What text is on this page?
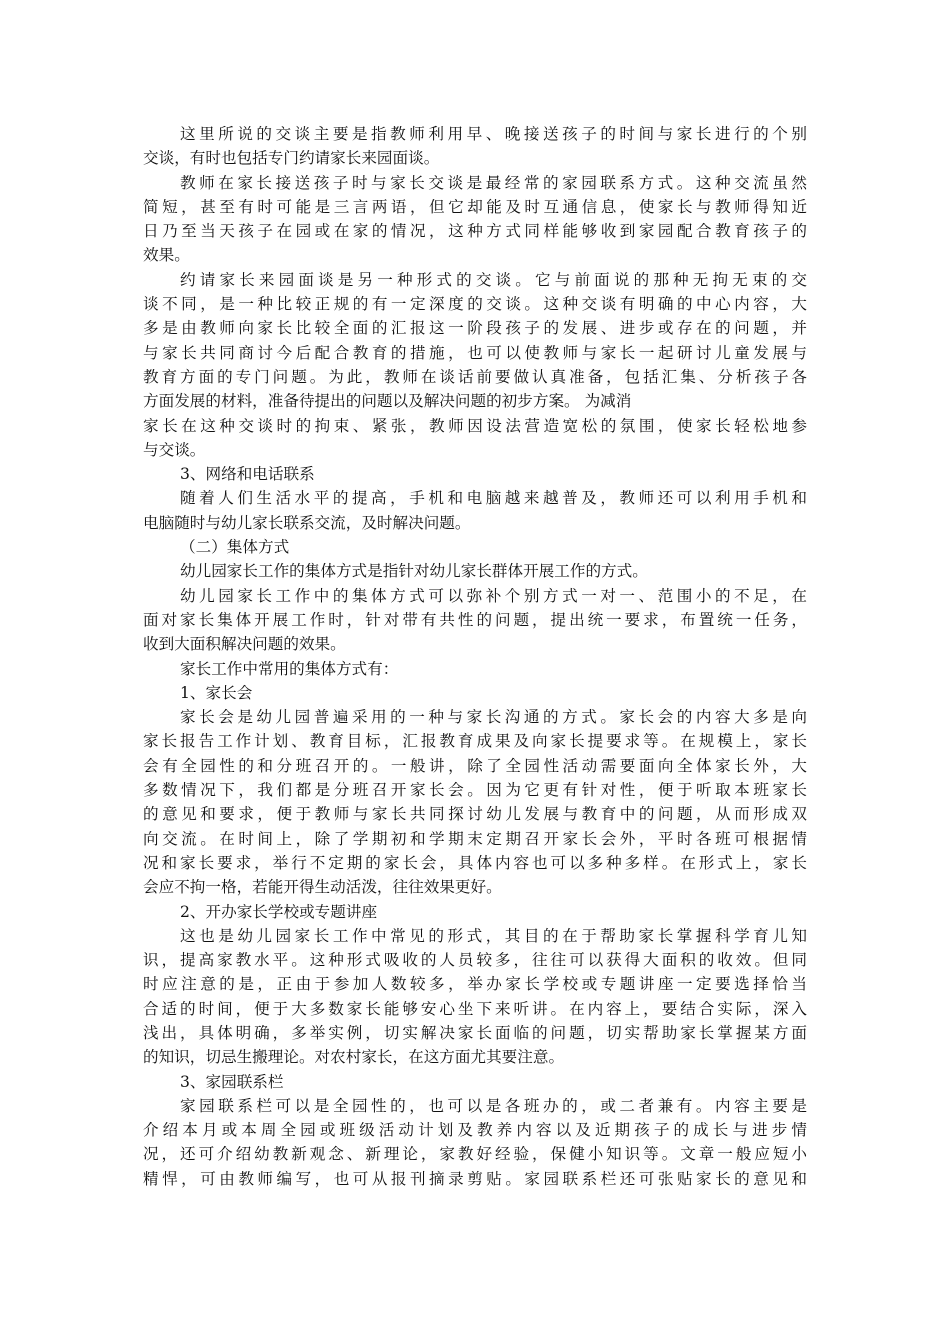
这里所说的交谈主要是指教师利用早、晚接送孩子的时间与家长进行的个别
交谈，有时也包括专门约请家长来园面谈。
教师在家长接送孩子时与家长交谈是最经常的家园联系方式。这种交流虽然
简短，甚至有时可能是三言两语，但它却能及时互通信息，使家长与教师得知近
日乃至当天孩子在园或在家的情况，这种方式同样能够收到家园配合教育孩子的
效果。
约请家长来园面谈是另一种形式的交谈。它与前面说的那种无拘无束的交
谈不同，是一种比较正规的有一定深度的交谈。这种交谈有明确的中心内容，大
多是由教师向家长比较全面的汇报这一阶段孩子的发展、进步或存在的问题，并
与家长共同商讨今后配合教育的措施，也可以使教师与家长一起研讨儿童发展与
教育方面的专门问题。为此，教师在谈话前要做认真准备，包括汇集、分析孩子各
方面发展的材料，准备待提出的问题以及解决问题的初步方案。 为减消
家长在这种交谈时的拘束、紧张，教师因设法营造宽松的氛围，使家长轻松地参
与交谈。
3、网络和电话联系
随着人们生活水平的提高，手机和电脑越来越普及，教师还可以利用手机和
电脑随时与幼儿家长联系交流，及时解决问题。
（二）集体方式
幼儿园家长工作的集体方式是指针对幼儿家长群体开展工作的方式。
幼儿园家长工作中的集体方式可以弥补个别方式一对一、范围小的不足，在
面对家长集体开展工作时，针对带有共性的问题，提出统一要求，布置统一任务，
收到大面积解决问题的效果。
家长工作中常用的集体方式有：
1、家长会
家长会是幼儿园普遍采用的一种与家长沟通的方式。家长会的内容大多是向
家长报告工作计划、教育目标，汇报教育成果及向家长提要求等。在规模上，家长
会有全园性的和分班召开的。一般讲，除了全园性活动需要面向全体家长外，大
多数情况下，我们都是分班召开家长会。因为它更有针对性，便于听取本班家长
的意见和要求，便于教师与家长共同探讨幼儿发展与教育中的问题，从而形成双
向交流。在时间上，除了学期初和学期末定期召开家长会外，平时各班可根据情
况和家长要求，举行不定期的家长会，具体内容也可以多种多样。在形式上，家长
会应不拘一格，若能开得生动活泼，往往效果更好。
2、开办家长学校或专题讲座
这也是幼儿园家长工作中常见的形式，其目的在于帮助家长掌握科学育儿知
识，提高家教水平。这种形式吸收的人员较多，往往可以获得大面积的收效。但同
时应注意的是，正由于参加人数较多，举办家长学校或专题讲座一定要选择恰当
合适的时间，便于大多数家长能够安心坐下来听讲。在内容上，要结合实际，深入
浅出，具体明确，多举实例，切实解决家长面临的问题，切实帮助家长掌握某方面
的知识，切忌生搬理论。对农村家长，在这方面尤其要注意。
3、家园联系栏
家园联系栏可以是全园性的，也可以是各班办的，或二者兼有。内容主要是
介绍本月或本周全园或班级活动计划及教养内容以及近期孩子的成长与进步情
况，还可介绍幼教新观念、新理论，家教好经验，保健小知识等。文章一般应短小
精悍，可由教师编写，也可从报刊摘录剪贴。家园联系栏还可张贴家长的意见和
